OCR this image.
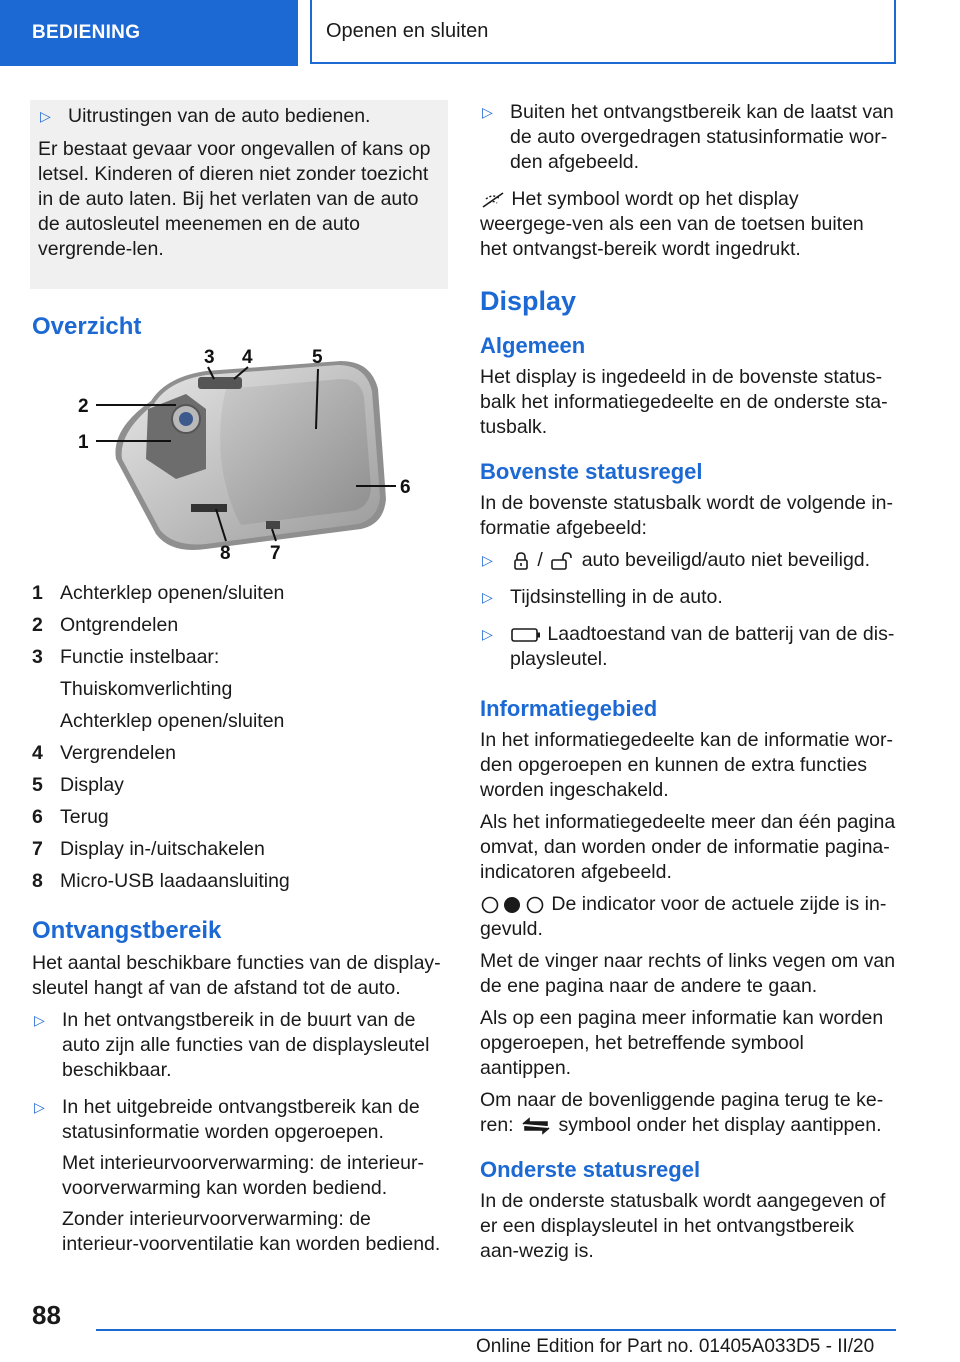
BEDIENING	Openen en sluiten
▷ Uitrustingen van de auto bedienen.

Er bestaat gevaar voor ongevallen of kans op letsel. Kinderen of dieren niet zonder toezicht in de auto laten. Bij het verlaten van de auto de autosleutel meenemen en de auto vergrende-len.

Overzicht
1
2
3 4	5
6
7
8
1 Achterklep openen/sluiten
2 Ontgrendelen
3 Functie instelbaar:
Thuiskomverlichting
Achterklep openen/sluiten
4 Vergrendelen
5 Display
6 Terug
7 Display in-/uitschakelen
8 Micro-USB laadaansluiting
Ontvangstbereik

Het aantal beschikbare functies van de display-sleutel hangt af van de afstand tot de auto.

▷ In het ontvangstbereik in de buurt van de auto zijn alle functies van de displaysleutel beschikbaar.

▷ In het uitgebreide ontvangstbereik kan de statusinformatie worden opgeroepen.

Met interieurvoorverwarming: de interieur-voorverwarming kan worden bediend.

Zonder interieurvoorverwarming: de interieur-voorventilatie kan worden bediend.

▷ Buiten het ontvangstbereik kan de laatst van de auto overgedragen statusinformatie wor-den afgebeeld.

Het symbool wordt op het display weergege-ven als een van de toetsen buiten het ontvangst-bereik wordt ingedrukt.

Display
Algemeen

Het display is ingedeeld in de bovenste status-balk het informatiegedeelte en de onderste sta-tusbalk.

Bovenste statusregel

In de bovenste statusbalk wordt de volgende in-formatie afgebeeld:

▷	/ auto beveiligd/auto niet beveiligd.

▷ Tijdsinstelling in de auto.

▷	Laadtoestand van de batterij van de dis-playsleutel.

Informatiegebied

In het informatiegedeelte kan de informatie wor-den opgeroepen en kunnen de extra functies worden ingeschakeld.

Als het informatiegedeelte meer dan één pagina omvat, dan worden onder de informatie pagina-indicatoren afgebeeld.

De indicator voor de actuele zijde is in-gevuld.

Met de vinger naar rechts of links vegen om van de ene pagina naar de andere te gaan.

Als op een pagina meer informatie kan worden opgeroepen, het betreffende symbool aantippen.

Om naar de bovenliggende pagina terug te ke-ren: symbool onder het display aantippen.

Onderste statusregel

In de onderste statusbalk wordt aangegeven of er een displaysleutel in het ontvangstbereik aan-wezig is.

88
Online Edition for Part no. 01405A033D5 - II/20
